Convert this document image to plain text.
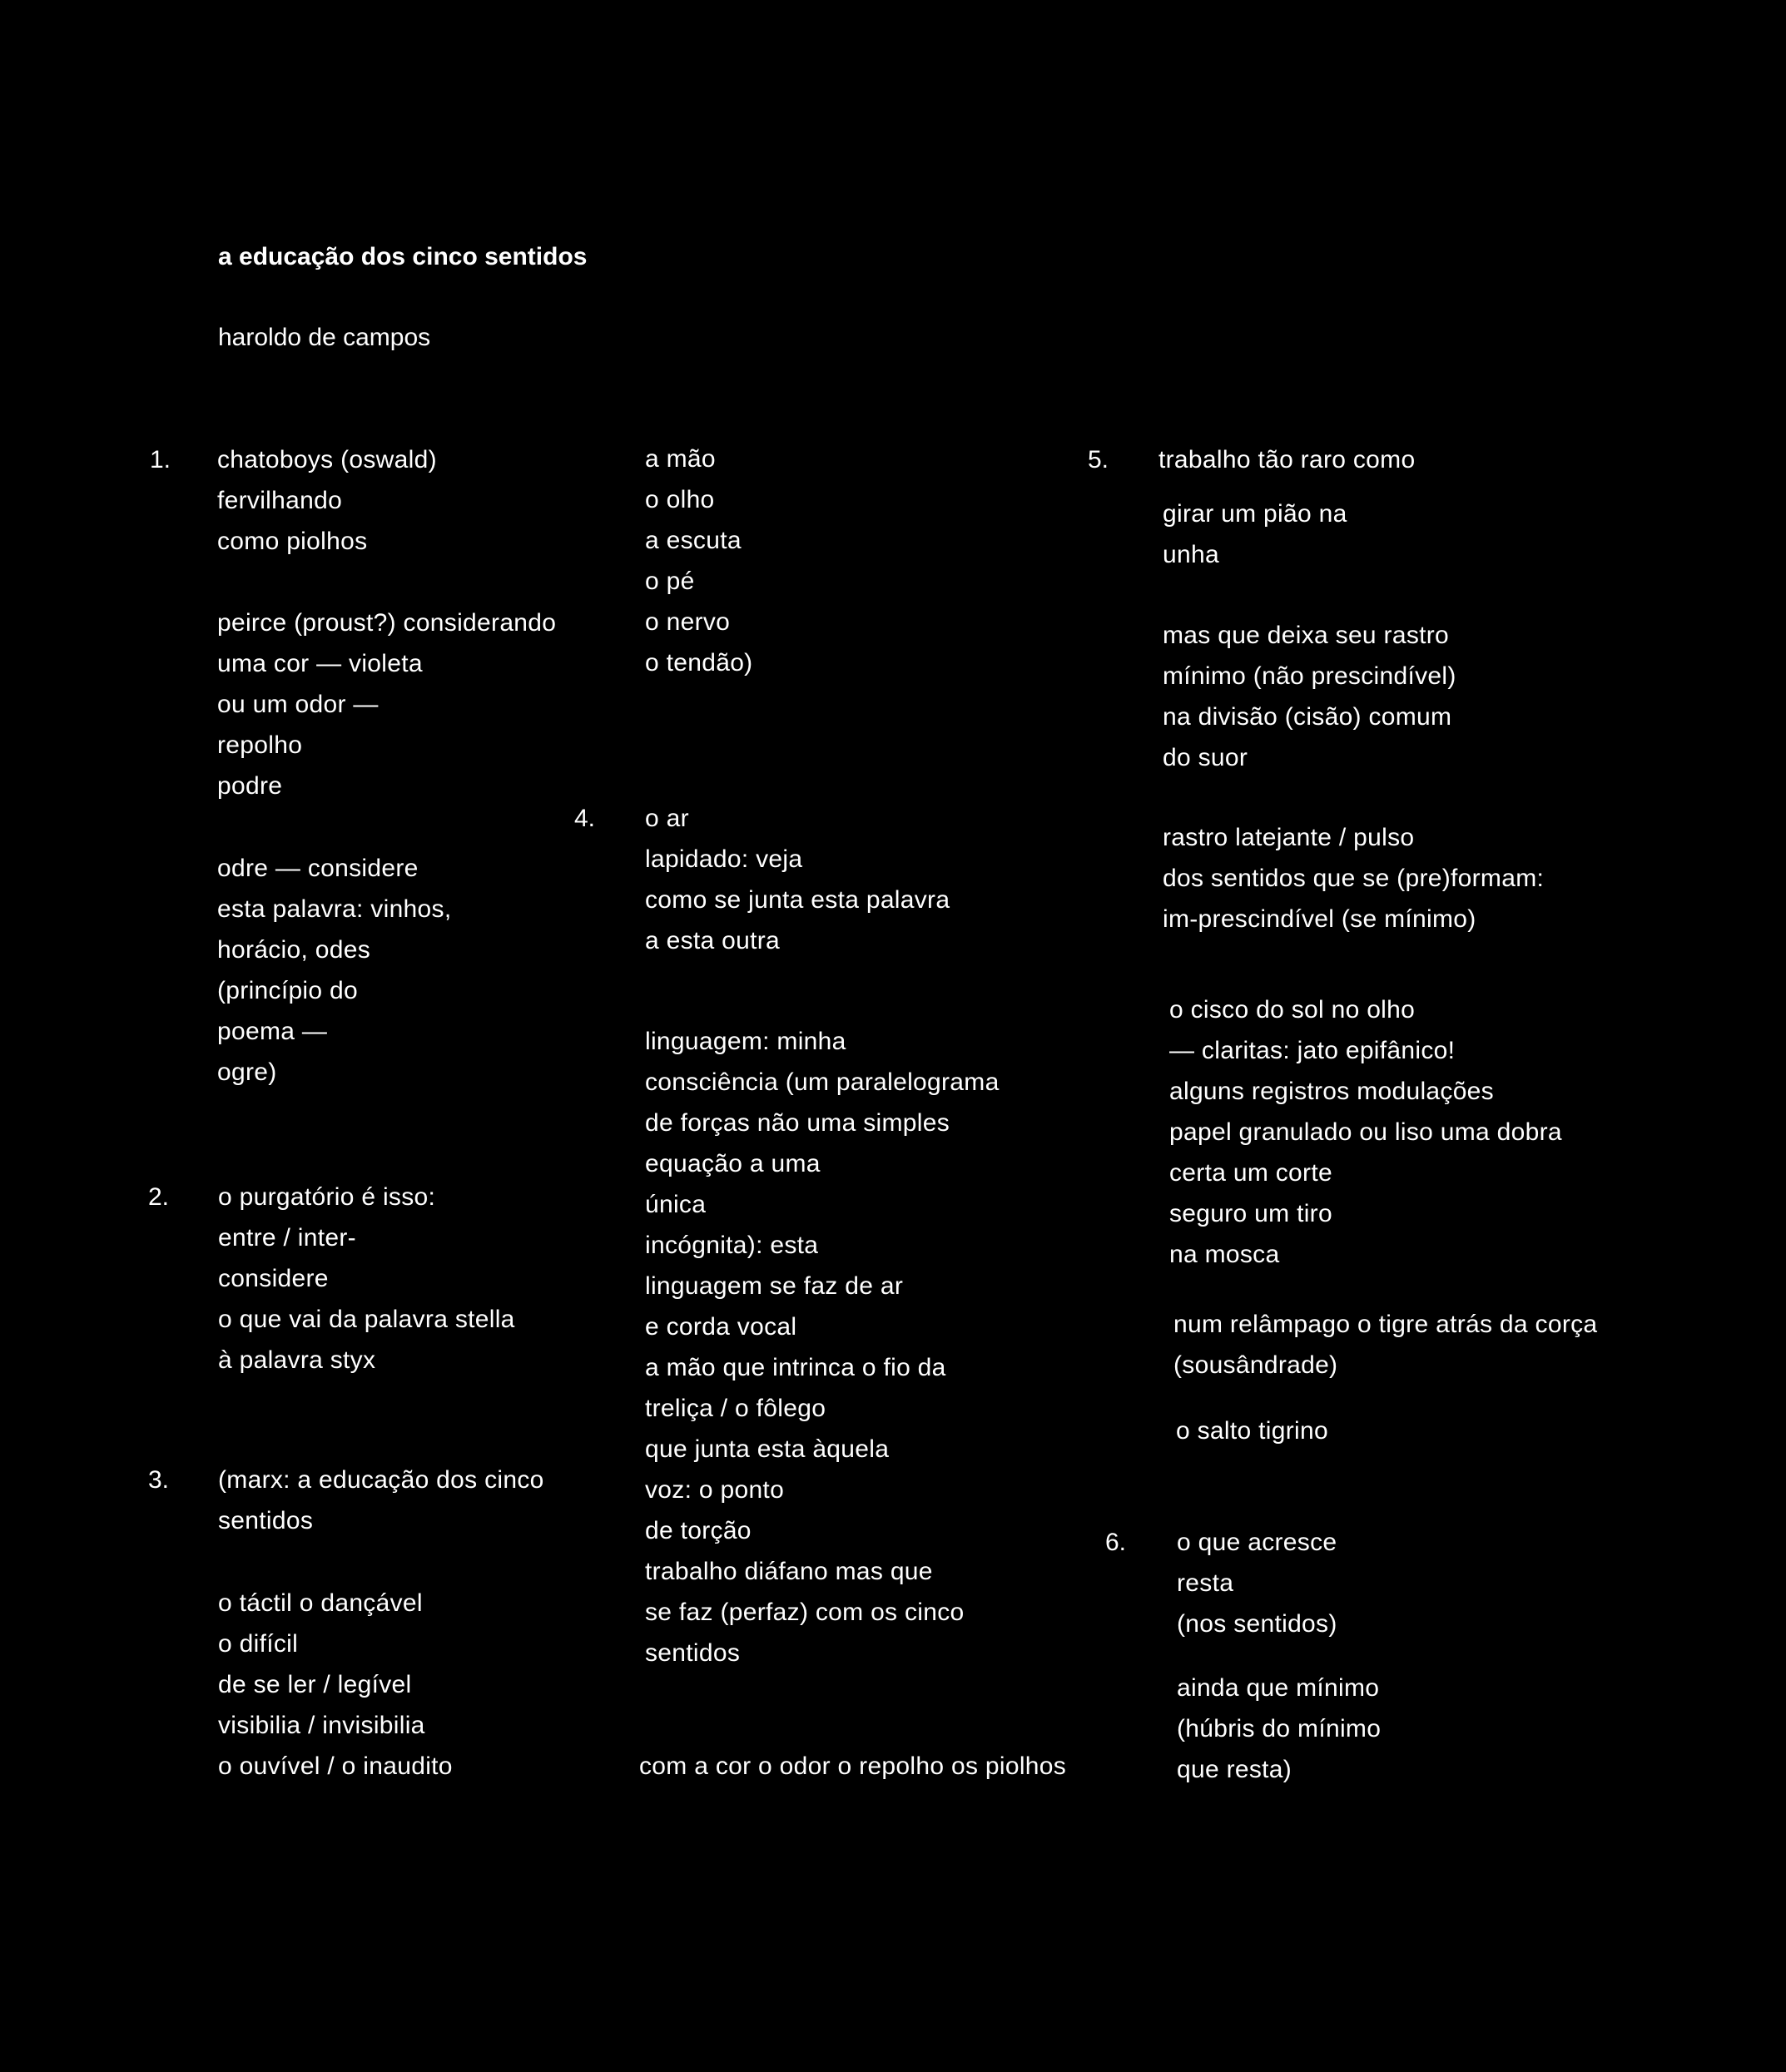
a educação dos cinco sentidos
haroldo de campos
1. chatoboys (oswald)
fervilhando
como piolhos
peirce (proust?) considerando
uma cor — violeta
ou um odor —
repolho
podre
odre — considere
esta palavra: vinhos,
horácio, odes
(princípio do
poema —
ogre)
2. o purgatório é isso:
entre / inter-
considere
o que vai da palavra stella
à palavra styx
3. (marx: a educação dos cinco
sentidos
o táctil o dançável
o difícil
de se ler / legível
visibilia / invisibilia
o ouvível / o inaudito
a mão
o olho
a escuta
o pé
o nervo
o tendão)
4. o ar
lapidado: veja
como se junta esta palavra
a esta outra
linguagem: minha
consciência (um paralelograma
de forças não uma simples
equação a uma
única
incógnita): esta
linguagem se faz de ar
e corda vocal
a mão que intrinca o fio da
treliça / o fôlego
que junta esta àquela
voz: o ponto
de torção
trabalho diáfano mas que
se faz (perfaz) com os cinco
sentidos
com a cor o odor o repolho os piolhos
5. trabalho tão raro como
girar um pião na
unha
mas que deixa seu rastro
mínimo (não prescindível)
na divisão (cisão) comum
do suor
rastro latejante / pulso
dos sentidos que se (pre)formam:
im-prescindível (se mínimo)
o cisco do sol no olho
— claritas: jato epifânico!
alguns registros modulações
papel granulado ou liso uma dobra
certa um corte
seguro um tiro
na mosca
num relâmpago o tigre atrás da corça
(sousândrade)
o salto tigrino
6. o que acresce
resta
(nos sentidos)
ainda que mínimo
(húbris do mínimo
que resta)
